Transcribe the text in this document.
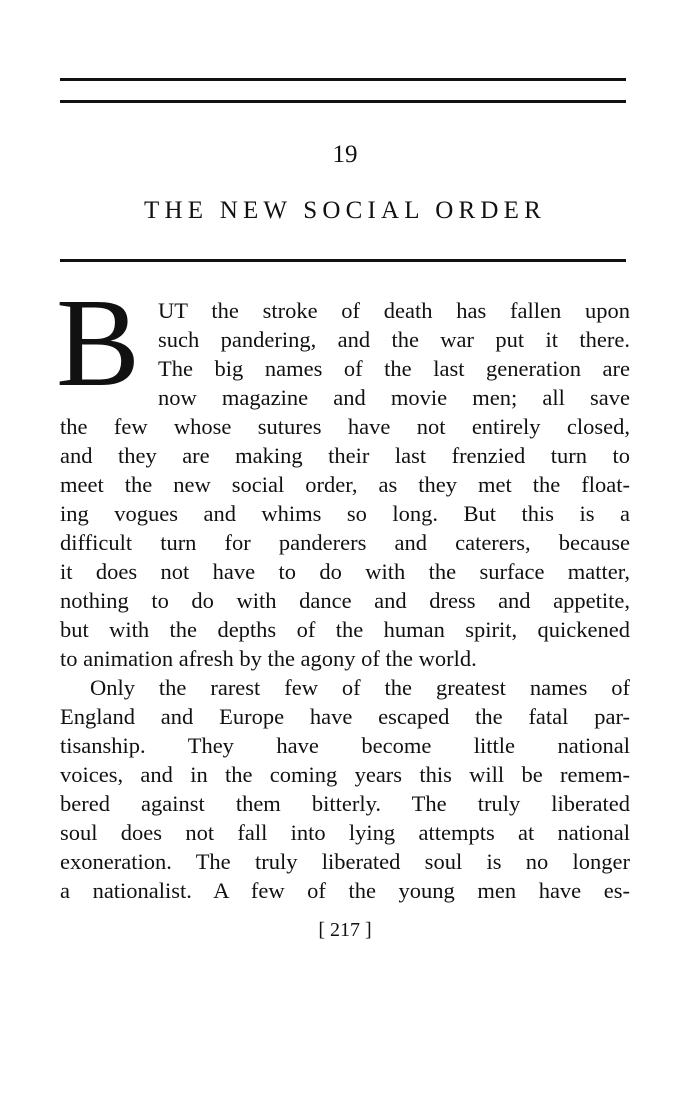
19
THE NEW SOCIAL ORDER
B UT the stroke of death has fallen upon
such pandering, and the war put it there.
The big names of the last generation are
now magazine and movie men; all save
the few whose sutures have not entirely closed,
and they are making their last frenzied turn to
meet the new social order, as they met the float-
ing vogues and whims so long. But this is a
difficult turn for panderers and caterers, because
it does not have to do with the surface matter,
nothing to do with dance and dress and appetite,
but with the depths of the human spirit, quickened
to animation afresh by the agony of the world.
Only the rarest few of the greatest names of
England and Europe have escaped the fatal par-
tisanship. They have become little national
voices, and in the coming years this will be remem-
bered against them bitterly. The truly liberated
soul does not fall into lying attempts at national
exoneration. The truly liberated soul is no longer
a nationalist. A few of the young men have es-
[ 217 ]
